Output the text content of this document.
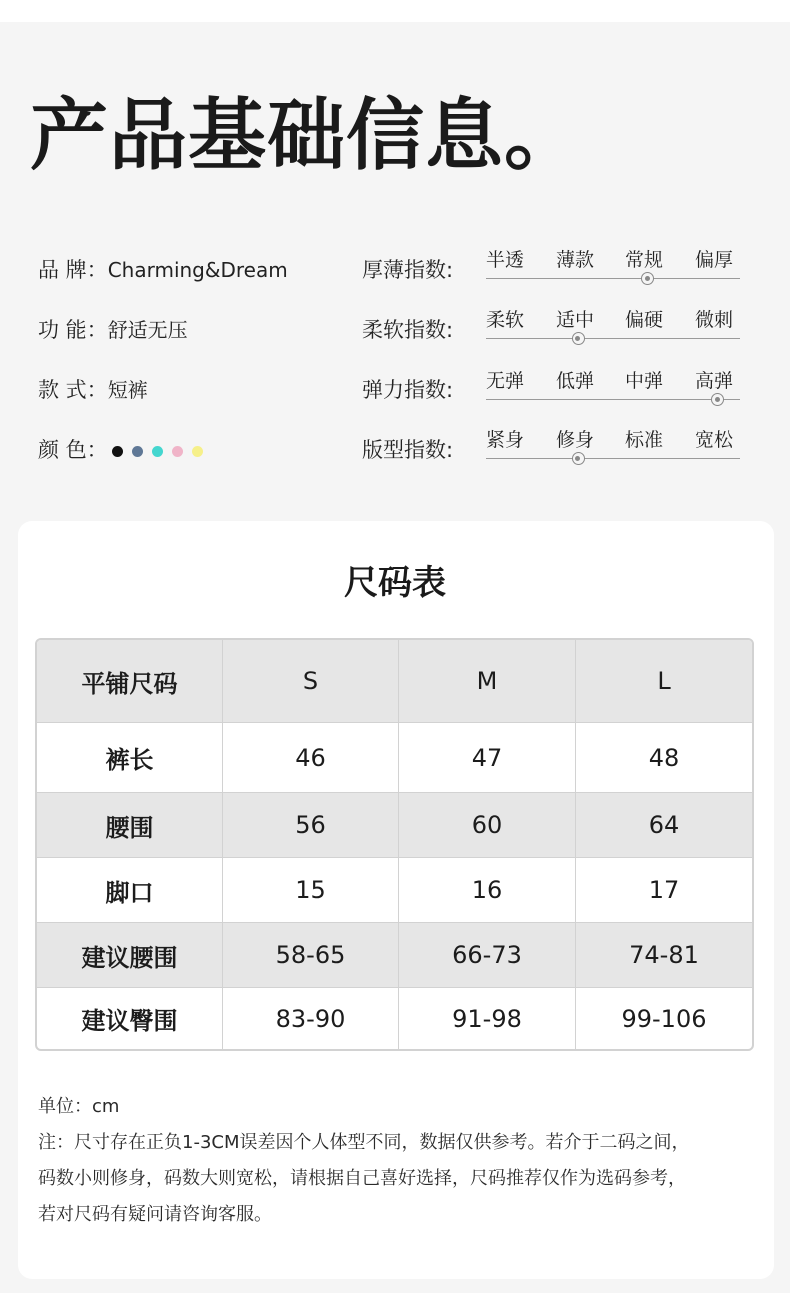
产品基础信息。
品 牌：Charming&Dream
功 能：舒适无压
款 式：短裤
颜 色：
厚薄指数: 半透 薄款 常规 偏厚
柔软指数: 柔软 适中 偏硬 微刺
弹力指数: 无弹 低弹 中弹 高弹
版型指数: 紧身 修身 标准 宽松
尺码表
平铺尺码	S	M	L
裤长	46	47	48
腰围	56	60	64
脚口	15	16	17
建议腰围	58-65	66-73	74-81
建议臀围	83-90	91-98	99-106
单位：cm
注：尺寸存在正负1-3CM误差因个人体型不同，数据仅供参考。若介于二码之间，
码数小则修身，码数大则宽松，请根据自己喜好选择，尺码推荐仅作为选码参考，
若对尺码有疑问请咨询客服。
